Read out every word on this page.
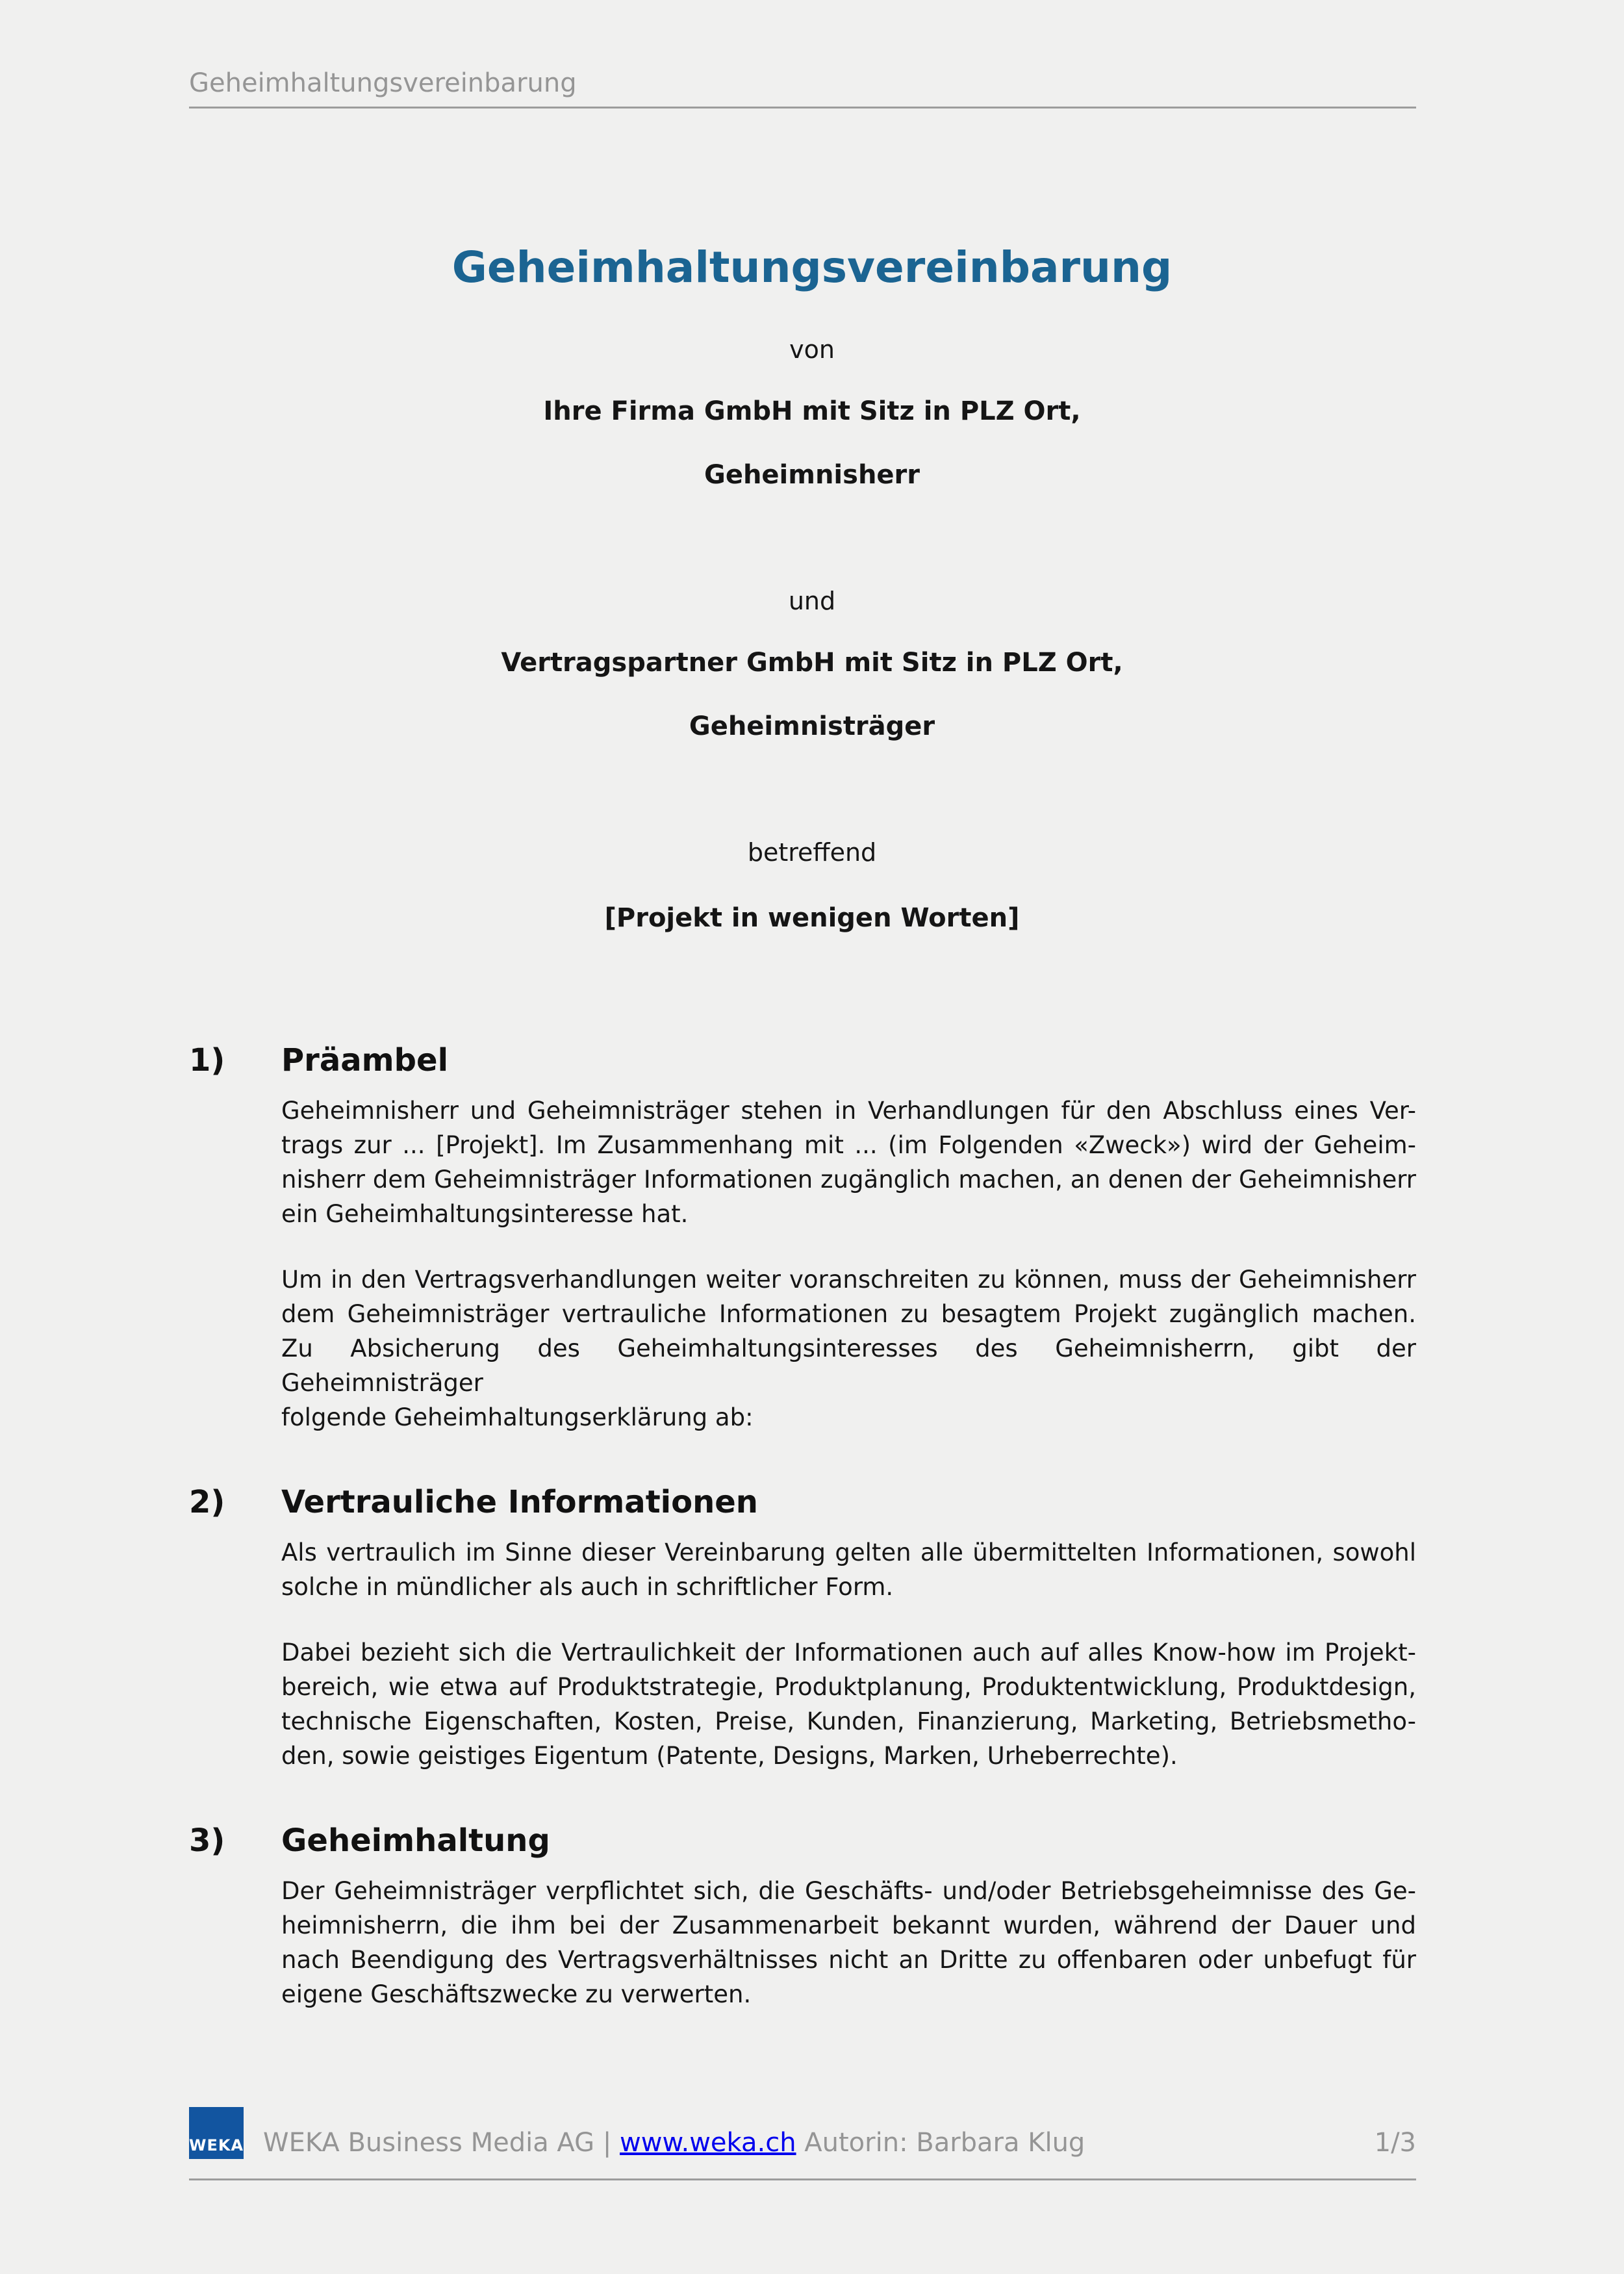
Geheimhaltungsvereinbarung
Geheimhaltungsvereinbarung

von

Ihre Firma GmbH mit Sitz in PLZ Ort,

Geheimnisherr

und

Vertragspartner GmbH mit Sitz in PLZ Ort,

Geheimnisträger

betreffend

[Projekt in wenigen Worten]

1)	Präambel
Geheimnisherr und Geheimnisträger stehen in Verhandlungen für den Abschluss eines Ver-
trags zur ... [Projekt]. Im Zusammenhang mit ... (im Folgenden «Zweck») wird der Geheim-
nisherr dem Geheimnisträger Informationen zugänglich machen, an denen der Geheimnisherr
ein Geheimhaltungsinteresse hat.
Um in den Vertragsverhandlungen weiter voranschreiten zu können, muss der Geheimnisherr
dem Geheimnisträger vertrauliche Informationen zu besagtem Projekt zugänglich machen.
Zu Absicherung des Geheimhaltungsinteresses des Geheimnisherrn, gibt der Geheimnisträger
folgende Geheimhaltungserklärung ab:
2)	Vertrauliche Informationen
Als vertraulich im Sinne dieser Vereinbarung gelten alle übermittelten Informationen, sowohl
solche in mündlicher als auch in schriftlicher Form.
Dabei bezieht sich die Vertraulichkeit der Informationen auch auf alles Know-how im Projekt-
bereich, wie etwa auf Produktstrategie, Produktplanung, Produktentwicklung, Produktdesign,
technische Eigenschaften, Kosten, Preise, Kunden, Finanzierung, Marketing, Betriebsmetho-
den, sowie geistiges Eigentum (Patente, Designs, Marken, Urheberrechte).
3)	Geheimhaltung
Der Geheimnisträger verpflichtet sich, die Geschäfts- und/oder Betriebsgeheimnisse des Ge-
heimnisherrn, die ihm bei der Zusammenarbeit bekannt wurden, während der Dauer und
nach Beendigung des Vertragsverhältnisses nicht an Dritte zu offenbaren oder unbefugt für
eigene Geschäftszwecke zu verwerten.
WEKA WEKA Business Media AG | www.weka.ch Autorin: Barbara Klug	1/3
